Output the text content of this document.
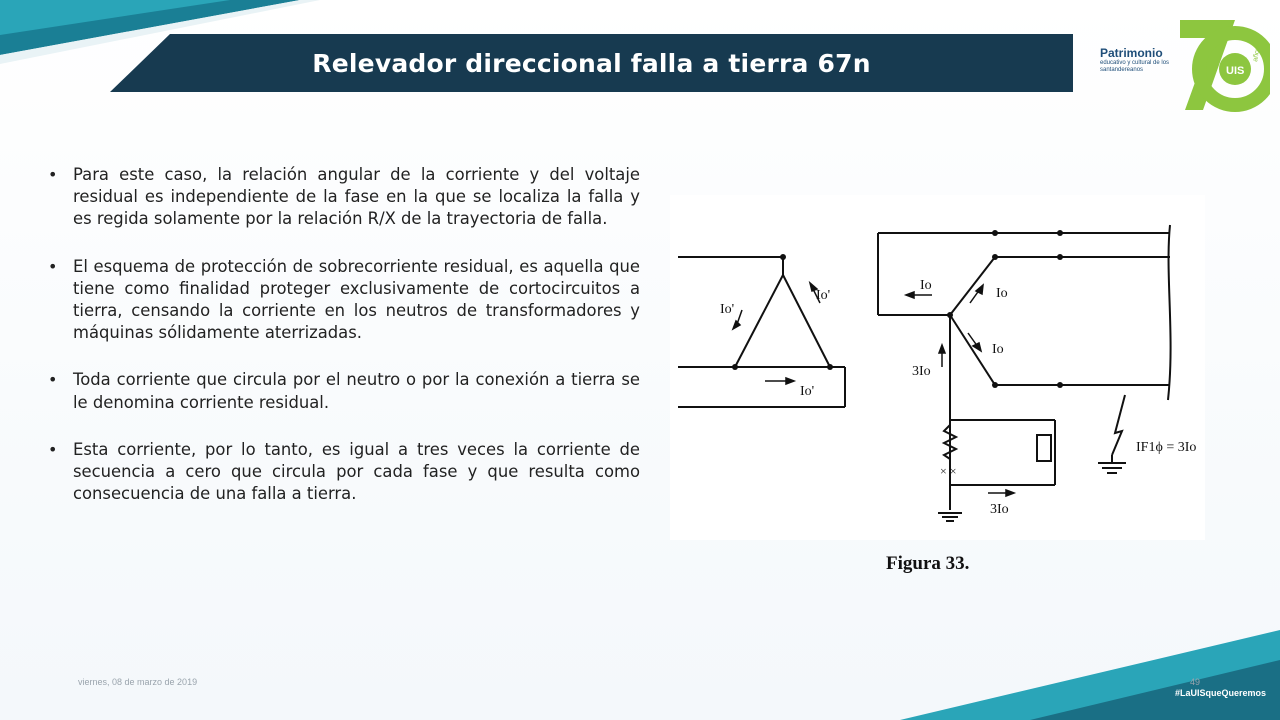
Relevador direccional falla a tierra 67n	UIS
años
Patrimonio
educativo y cultural de los santandereanos
• Para este caso, la relación angular de la corriente y del voltaje residual es independiente de la fase en la que se localiza la falla y es regida solamente por la relación R/X de la trayectoria de falla.
• El esquema de protección de sobrecorriente residual, es aquella que tiene como finalidad proteger exclusivamente de cortocircuitos a tierra, censando la corriente en los neutros de transformadores y máquinas sólidamente aterrizadas.
• Toda corriente que circula por el neutro o por la conexión a tierra se le denomina corriente residual.
• Esta corriente, por lo tanto, es igual a tres veces la corriente de secuencia a cero que circula por cada fase y que resulta como consecuencia de una falla a tierra.
Io'
Io'
Io'
Io
Io
Io
3Io
3Io
IF1ϕ = 3Io
× ×
Figura 33.
viernes, 08 de marzo de 2019	49
#LaUISqueQueremos
